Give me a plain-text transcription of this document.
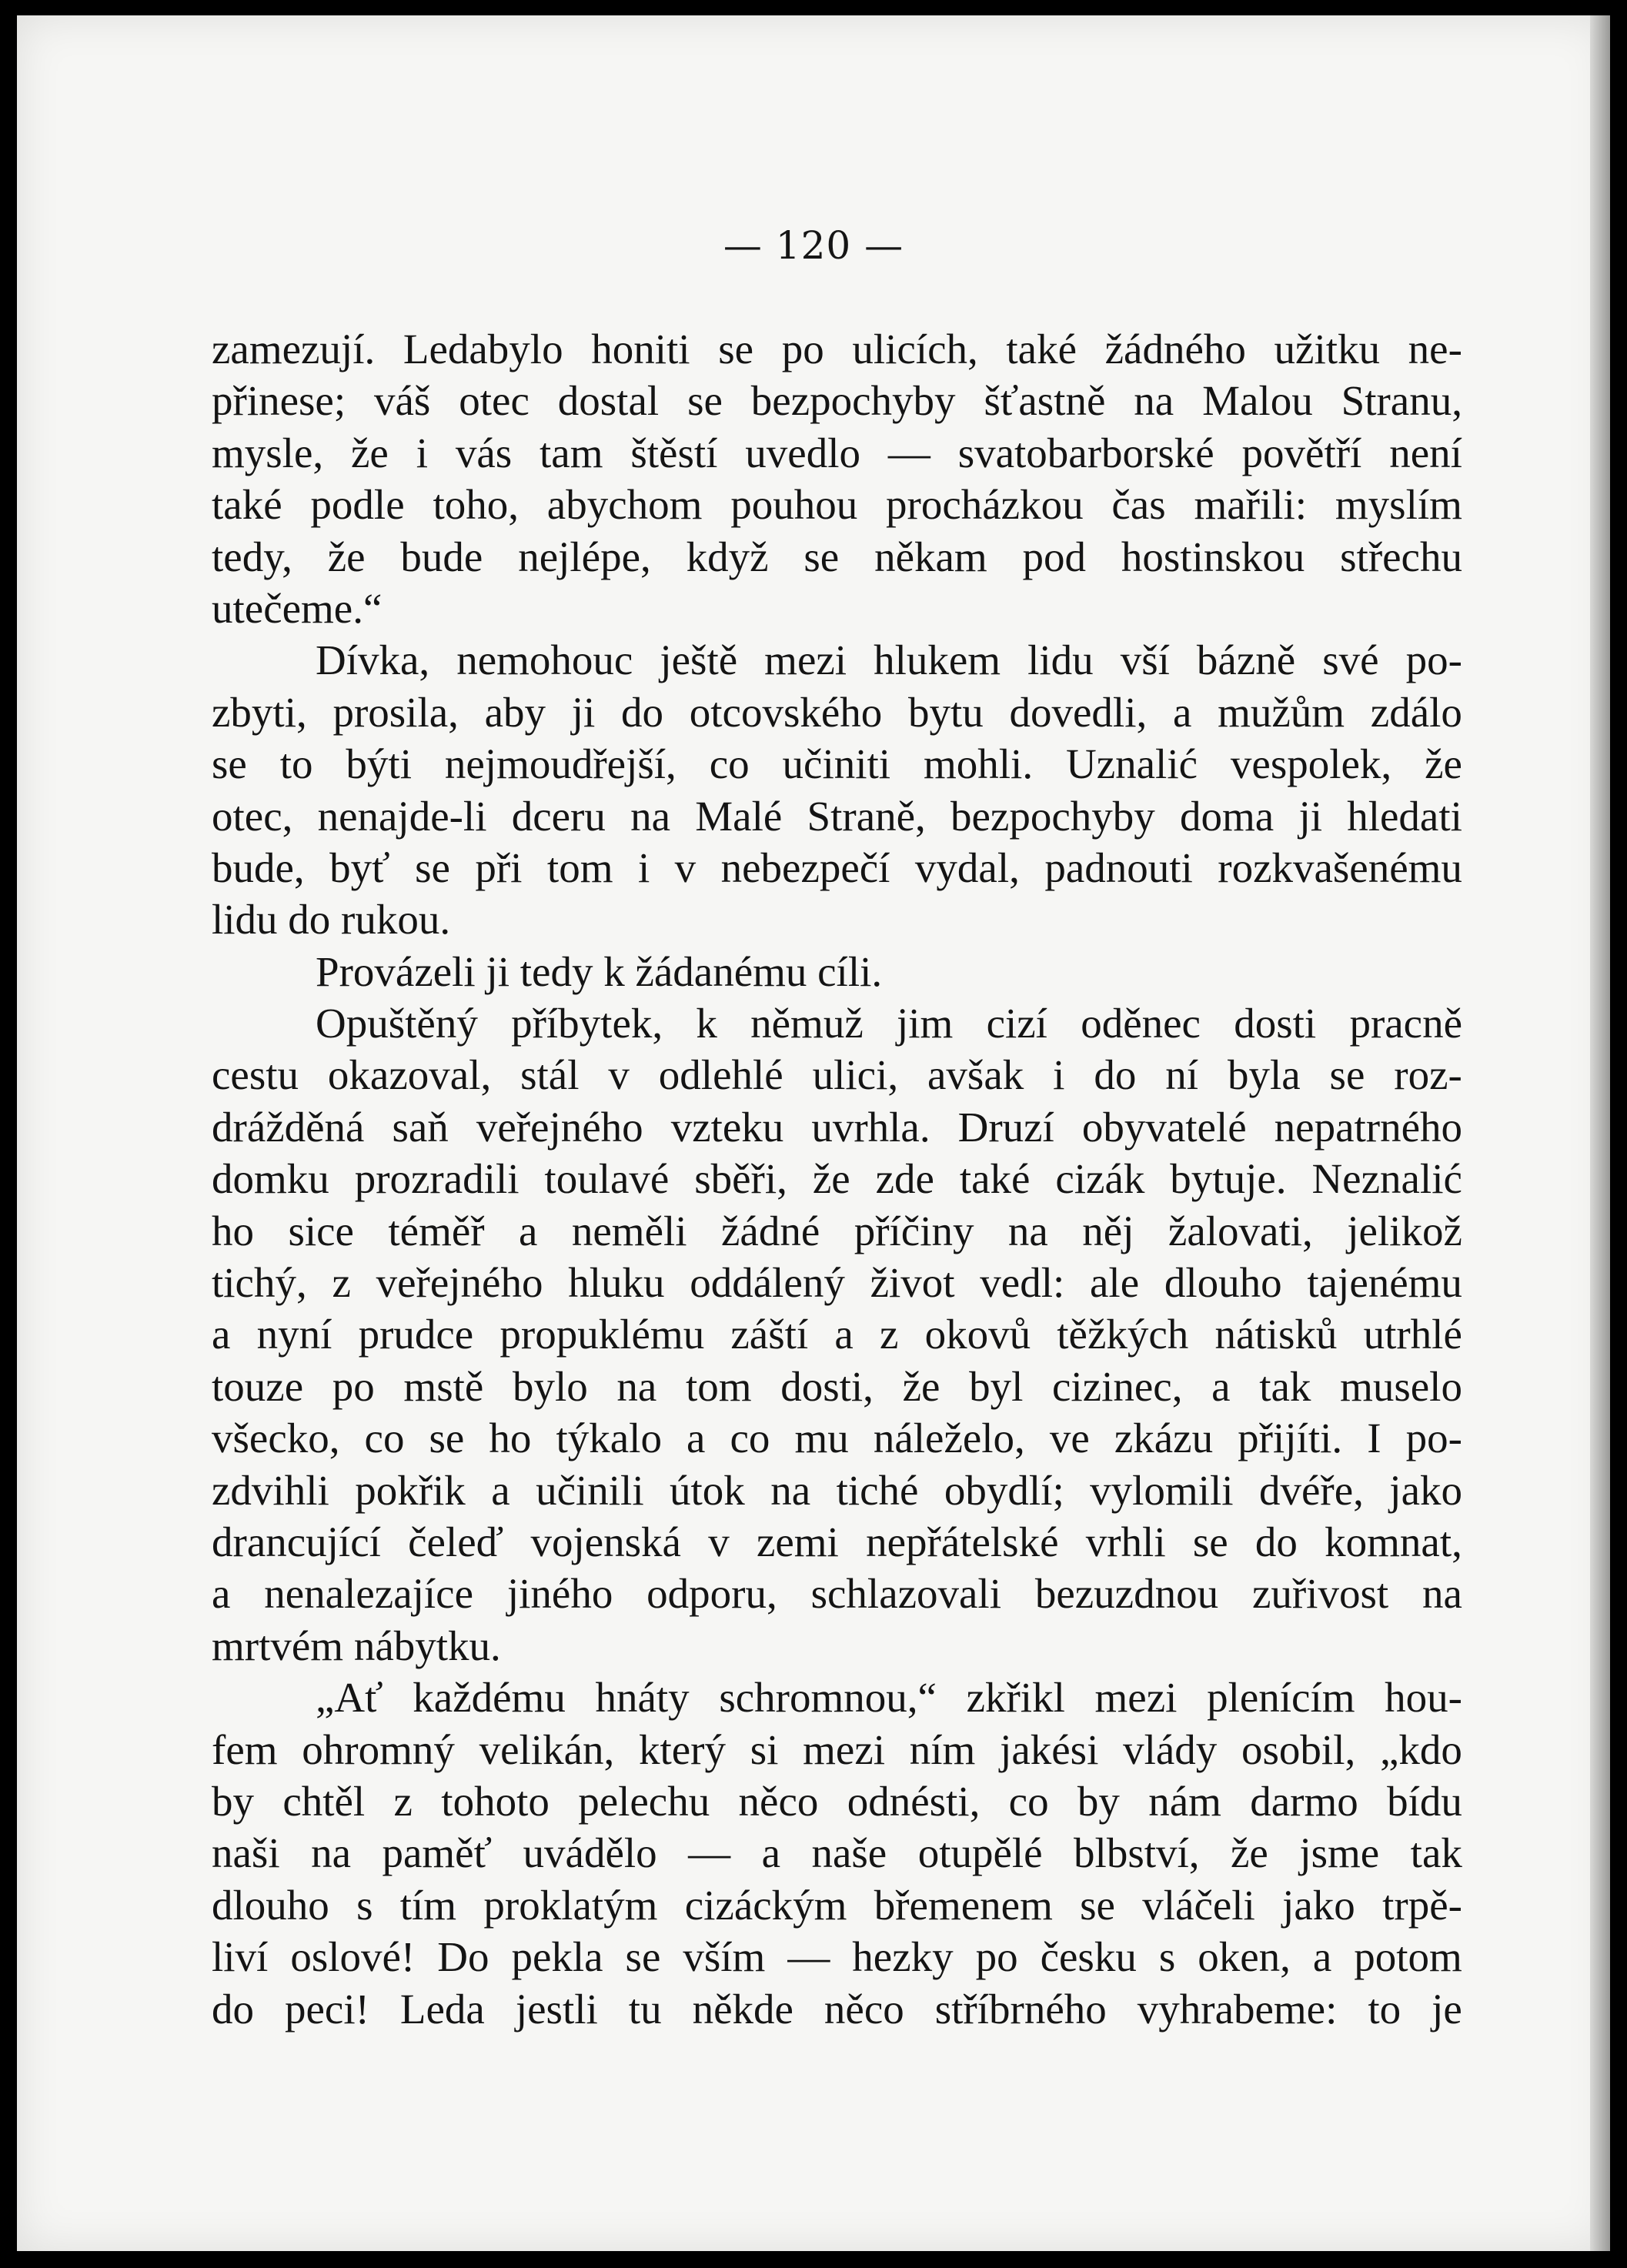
— 120 —
zamezují. Ledabylo honiti se po ulicích, také žádného užitku ne-
přinese; váš otec dostal se bezpochyby šťastně na Malou Stranu,
mysle, že i vás tam štěstí uvedlo — svatobarborské povětří není
také podle toho, abychom pouhou procházkou čas mařili: myslím
tedy, že bude nejlépe, když se někam pod hostinskou střechu
utečeme.“
Dívka, nemohouc ještě mezi hlukem lidu vší bázně své po-
zbyti, prosila, aby ji do otcovského bytu dovedli, a mužům zdálo
se to býti nejmoudřejší, co učiniti mohli. Uznalić vespolek, že
otec, nenajde-li dceru na Malé Straně, bezpochyby doma ji hledati
bude, byť se při tom i v nebezpečí vydal, padnouti rozkvašenému
lidu do rukou.
Provázeli ji tedy k žádanému cíli.
Opuštěný příbytek, k němuž jim cizí oděnec dosti pracně
cestu okazoval, stál v odlehlé ulici, avšak i do ní byla se roz-
drážděná saň veřejného vzteku uvrhla. Druzí obyvatelé nepatrného
domku prozradili toulavé sběři, že zde také cizák bytuje. Neznalić
ho sice téměř a neměli žádné příčiny na něj žalovati, jelikož
tichý, z veřejného hluku oddálený život vedl: ale dlouho tajenému
a nyní prudce propuklému záští a z okovů těžkých nátisků utrhlé
touze po mstě bylo na tom dosti, že byl cizinec, a tak muselo
všecko, co se ho týkalo a co mu náleželo, ve zkázu přijíti. I po-
zdvihli pokřik a učinili útok na tiché obydlí; vylomili dvéře, jako
drancující čeleď vojenská v zemi nepřátelské vrhli se do komnat,
a nenalezajíce jiného odporu, schlazovali bezuzdnou zuřivost na
mrtvém nábytku.
„Ať každému hnáty schromnou,“ zkřikl mezi plenícím hou-
fem ohromný velikán, který si mezi ním jakési vlády osobil, „kdo
by chtěl z tohoto pelechu něco odnésti, co by nám darmo bídu
naši na paměť uvádělo — a naše otupělé blbství, že jsme tak
dlouho s tím proklatým cizáckým břemenem se vláčeli jako trpě-
liví oslové! Do pekla se vším — hezky po česku s oken, a potom
do peci! Leda jestli tu někde něco stříbrného vyhrabeme: to je
